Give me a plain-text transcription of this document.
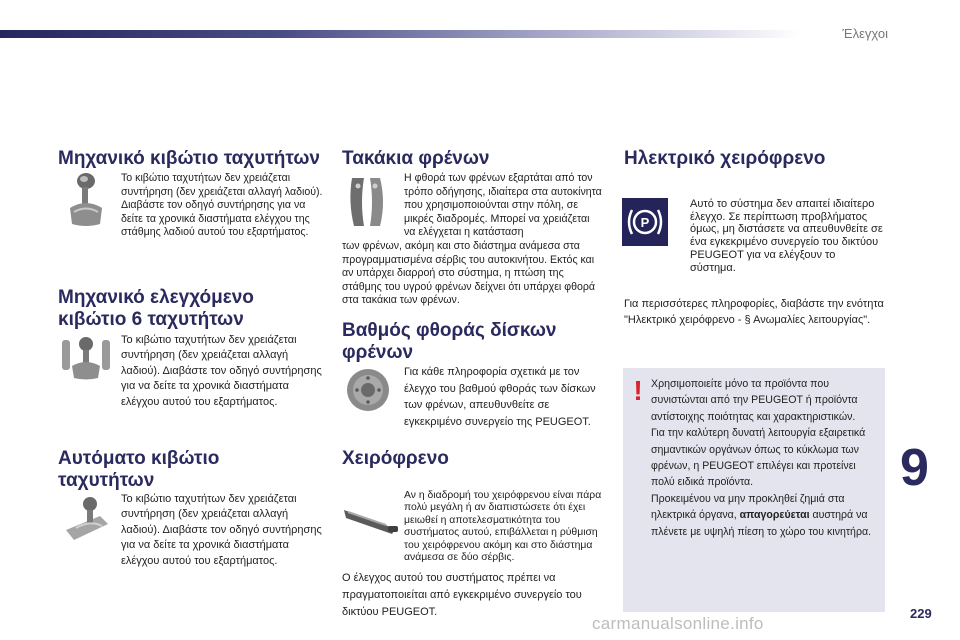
Έλεγχοι
Μηχανικό κιβώτιο ταχυτήτων

Το κιβώτιο ταχυτήτων δεν χρειάζεται συντήρηση (δεν χρειάζεται αλλαγή λαδιού). Διαβάστε τον οδηγό συντήρησης για να δείτε τα χρονικά διαστήματα ελέγχου της στάθμης λαδιού αυτού του εξαρτήματος.

Μηχανικό ελεγχόμενο κιβώτιο 6 ταχυτήτων

Το κιβώτιο ταχυτήτων δεν χρειάζεται συντήρηση (δεν χρειάζεται αλλαγή λαδιού). Διαβάστε τον οδηγό συντήρησης για να δείτε τα χρονικά διαστήματα ελέγχου αυτού του εξαρτήματος.

Αυτόματο κιβώτιο ταχυτήτων

Το κιβώτιο ταχυτήτων δεν χρειάζεται συντήρηση (δεν χρειάζεται αλλαγή λαδιού). Διαβάστε τον οδηγό συντήρησης για να δείτε τα χρονικά διαστήματα ελέγχου αυτού του εξαρτήματος.

Τακάκια φρένων

Η φθορά των φρένων εξαρτάται από τον τρόπο οδήγησης, ιδιαίτερα στα αυτοκίνητα που χρησιμοποιούνται στην πόλη, σε μικρές διαδρομές. Μπορεί να χρειάζεται να ελέγχεται η κατάσταση

των φρένων, ακόμη και στο διάστημα ανάμεσα στα προγραμματισμένα σέρβις του αυτοκινήτου. Εκτός και αν υπάρχει διαρροή στο σύστημα, η πτώση της στάθμης του υγρού φρένων δείχνει ότι υπάρχει φθορά στα τακάκια των φρένων.

Βαθμός φθοράς δίσκων φρένων

Για κάθε πληροφορία σχετικά με τον έλεγχο του βαθμού φθοράς των δίσκων των φρένων, απευθυνθείτε σε εγκεκριμένο συνεργείο της PEUGEOT.

Χειρόφρενο

Αν η διαδρομή του χειρόφρενου είναι πάρα πολύ μεγάλη ή αν διαπιστώσετε ότι έχει μειωθεί η αποτελεσματικότητα του συστήματος αυτού, επιβάλλεται η ρύθμιση του χειρόφρενου ακόμη και στο διάστημα ανάμεσα σε δύο σέρβις.

Ο έλεγχος αυτού του συστήματος πρέπει να πραγματοποιείται από εγκεκριμένο συνεργείο του δικτύου PEUGEOT.

Ηλεκτρικό χειρόφρενο
P

Αυτό το σύστημα δεν απαιτεί ιδιαίτερο έλεγχο. Σε περίπτωση προβλήματος όμως, μη διστάσετε να απευθυνθείτε σε ένα εγκεκριμένο συνεργείο του δικτύου PEUGEOT για να ελέγξουν το σύστημα.

Για περισσότερες πληροφορίες, διαβάστε την ενότητα "Ηλεκτρικό χειρόφρενο - § Ανωμαλίες λειτουργίας".

! Χρησιμοποιείτε μόνο τα προϊόντα που συνιστώνται από την PEUGEOT ή προϊόντα αντίστοιχης ποιότητας και χαρακτηριστικών.
Για την καλύτερη δυνατή λειτουργία εξαιρετικά σημαντικών οργάνων όπως το κύκλωμα των φρένων, η PEUGEOT επιλέγει και προτείνει πολύ ειδικά προϊόντα.
Προκειμένου να μην προκληθεί ζημιά στα ηλεκτρικά όργανα, απαγορεύεται αυστηρά να πλένετε με υψηλή πίεση το χώρο του κινητήρα.
9
229
carmanualsonline.info
